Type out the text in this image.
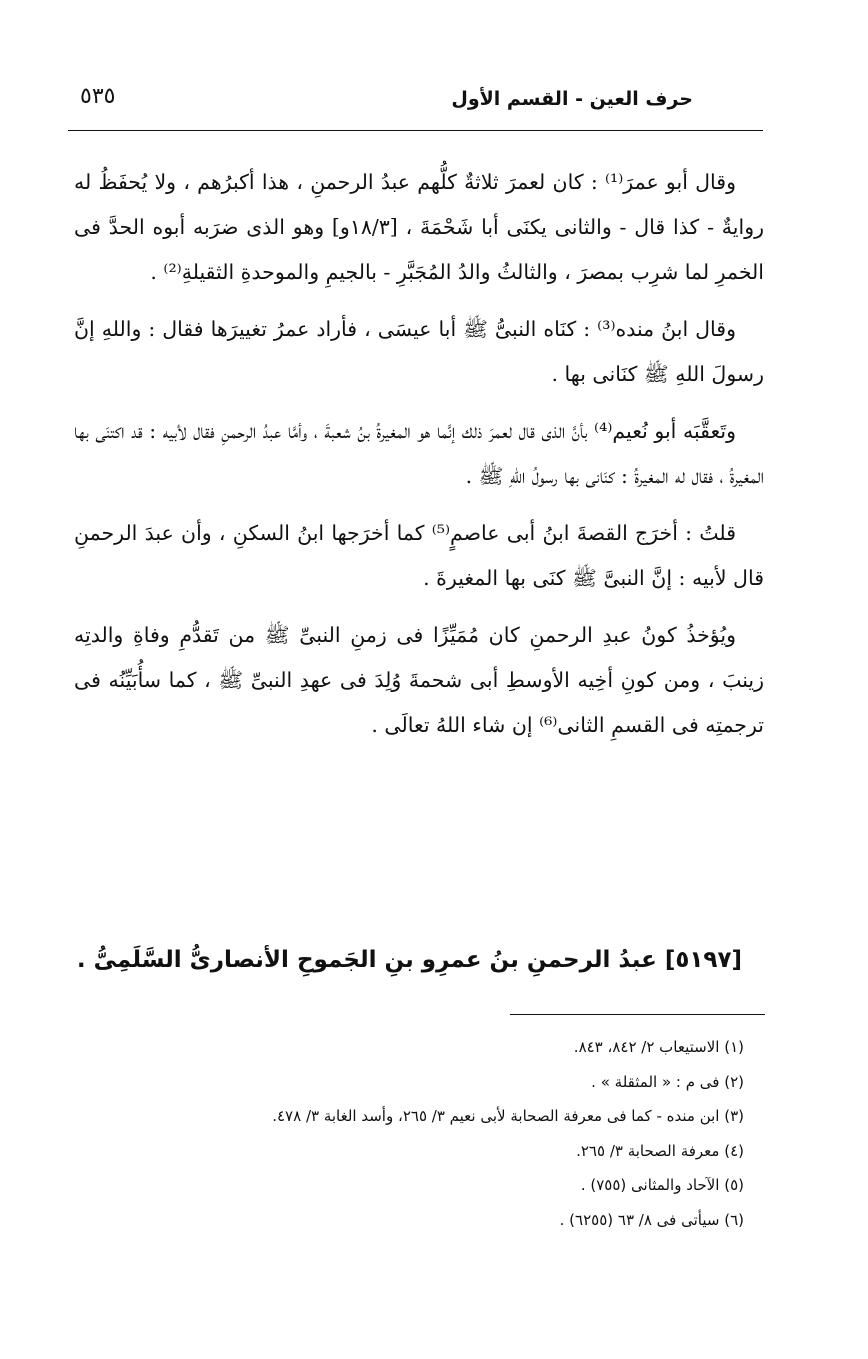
حرف العين - القسم الأول
٥٣٥

وقال أبو عمرَ⁽¹⁾ : كان لعمرَ ثلاثةٌ كلُّهم عبدُ الرحمنِ ، هذا أكبرُهم ، ولا يُحفَظُ له روايةٌ - كذا قال - والثانى يكنَى أبا شَحْمَةَ ، [١٨/٣و] وهو الذى ضرَبه أبوه الحدَّ فى الخمرِ لما شرِب بمصرَ ، والثالثُ والدُ المُجَبَّرِ - بالجيمِ والموحدةِ الثقيلةِ⁽²⁾ .

وقال ابنُ منده⁽³⁾ : كنَاه النبىُّ ﷺ أبا عيسَى ، فأراد عمرُ تغييرَها فقال : واللهِ إنَّ رسولَ اللهِ ﷺ كنَانى بها .

وتَعقَّبَه أبو نُعيم⁽⁴⁾ بأنَّ الذى قال لعمرَ ذلك إنَّما هو المغيرةُ بنُ شعبةَ ، وأمَّا عبدُ الرحمنِ فقال لأبيه : قد اكتنَى بها المغيرةُ ، فقال له المغيرةُ : كنَانى بها رسولُ اللهِ ﷺ .

قلتُ : أخرَج القصةَ ابنُ أبى عاصمٍ⁽⁵⁾ كما أخرَجها ابنُ السكنِ ، وأن عبدَ الرحمنِ قال لأبيه : إنَّ النبىَّ ﷺ كنَى بها المغيرةَ .

ويُؤخذُ كونُ عبدِ الرحمنِ كان مُمَيِّزًا فى زمنِ النبىِّ ﷺ من تَقدُّمِ وفاةِ والدتِه زينبَ ، ومن كونِ أخِيه الأوسطِ أبى شحمةَ وُلِدَ فى عهدِ النبىِّ ﷺ ، كما سأُبَيِّنُه فى ترجمتِه فى القسمِ الثانى⁽⁶⁾ إن شاء اللهُ تعالَى .

[٥١٩٧] عبدُ الرحمنِ بنُ عمرِو بنِ الجَموحِ الأنصارىُّ السَّلَمِىُّ .

(١) الاستيعاب ٢/ ٨٤٢، ٨٤٣.

(٢) فى م : « المثقلة » .

(٣) ابن منده - كما فى معرفة الصحابة لأبى نعيم ٣/ ٢٦٥، وأسد الغابة ٣/ ٤٧٨.

(٤) معرفة الصحابة ٣/ ٢٦٥.

(٥) الآحاد والمثانى (٧٥٥) .

(٦) سيأتى فى ٨/ ٦٣ (٦٢٥٥) .
